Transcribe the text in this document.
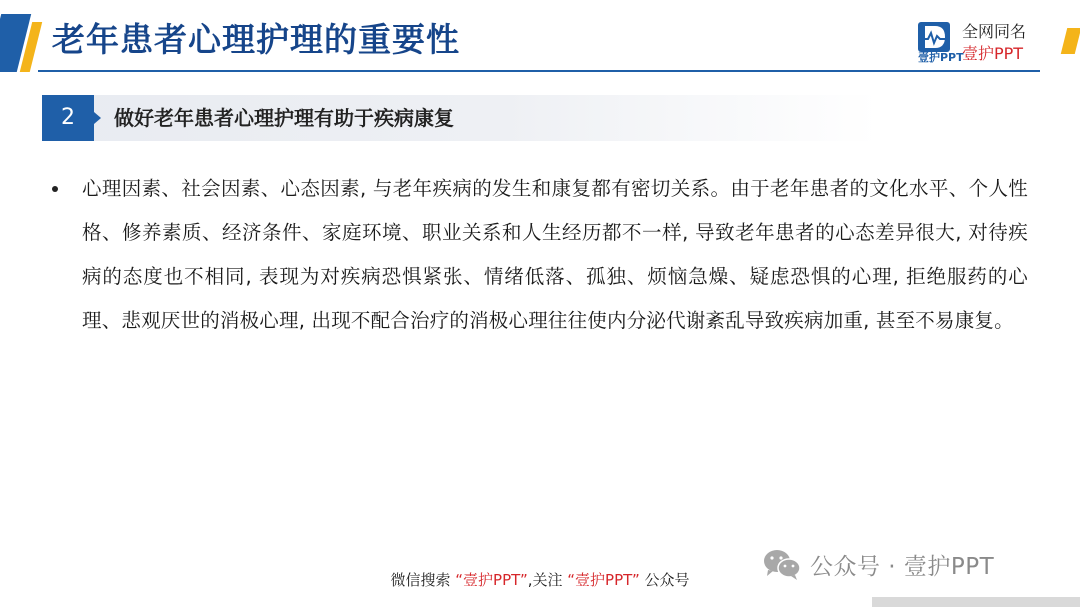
老年患者心理护理的重要性	壹护PPT
全网同名
壹护PPT
2	做好老年患者心理护理有助于疾病康复
心理因素、社会因素、心态因素, 与老年疾病的发生和康复都有密切关系。由于老年患者的文化水平、个人性格、修养素质、经济条件、家庭环境、职业关系和人生经历都不一样, 导致老年患者的心态差异很大, 对待疾病的态度也不相同, 表现为对疾病恐惧紧张、情绪低落、孤独、烦恼急燥、疑虑恐惧的心理, 拒绝服药的心理、悲观厌世的消极心理, 出现不配合治疗的消极心理往往使内分泌代谢紊乱导致疾病加重, 甚至不易康复。
微信搜索 “壹护PPT”,关注 “壹护PPT” 公众号
公众号 · 壹护PPT
